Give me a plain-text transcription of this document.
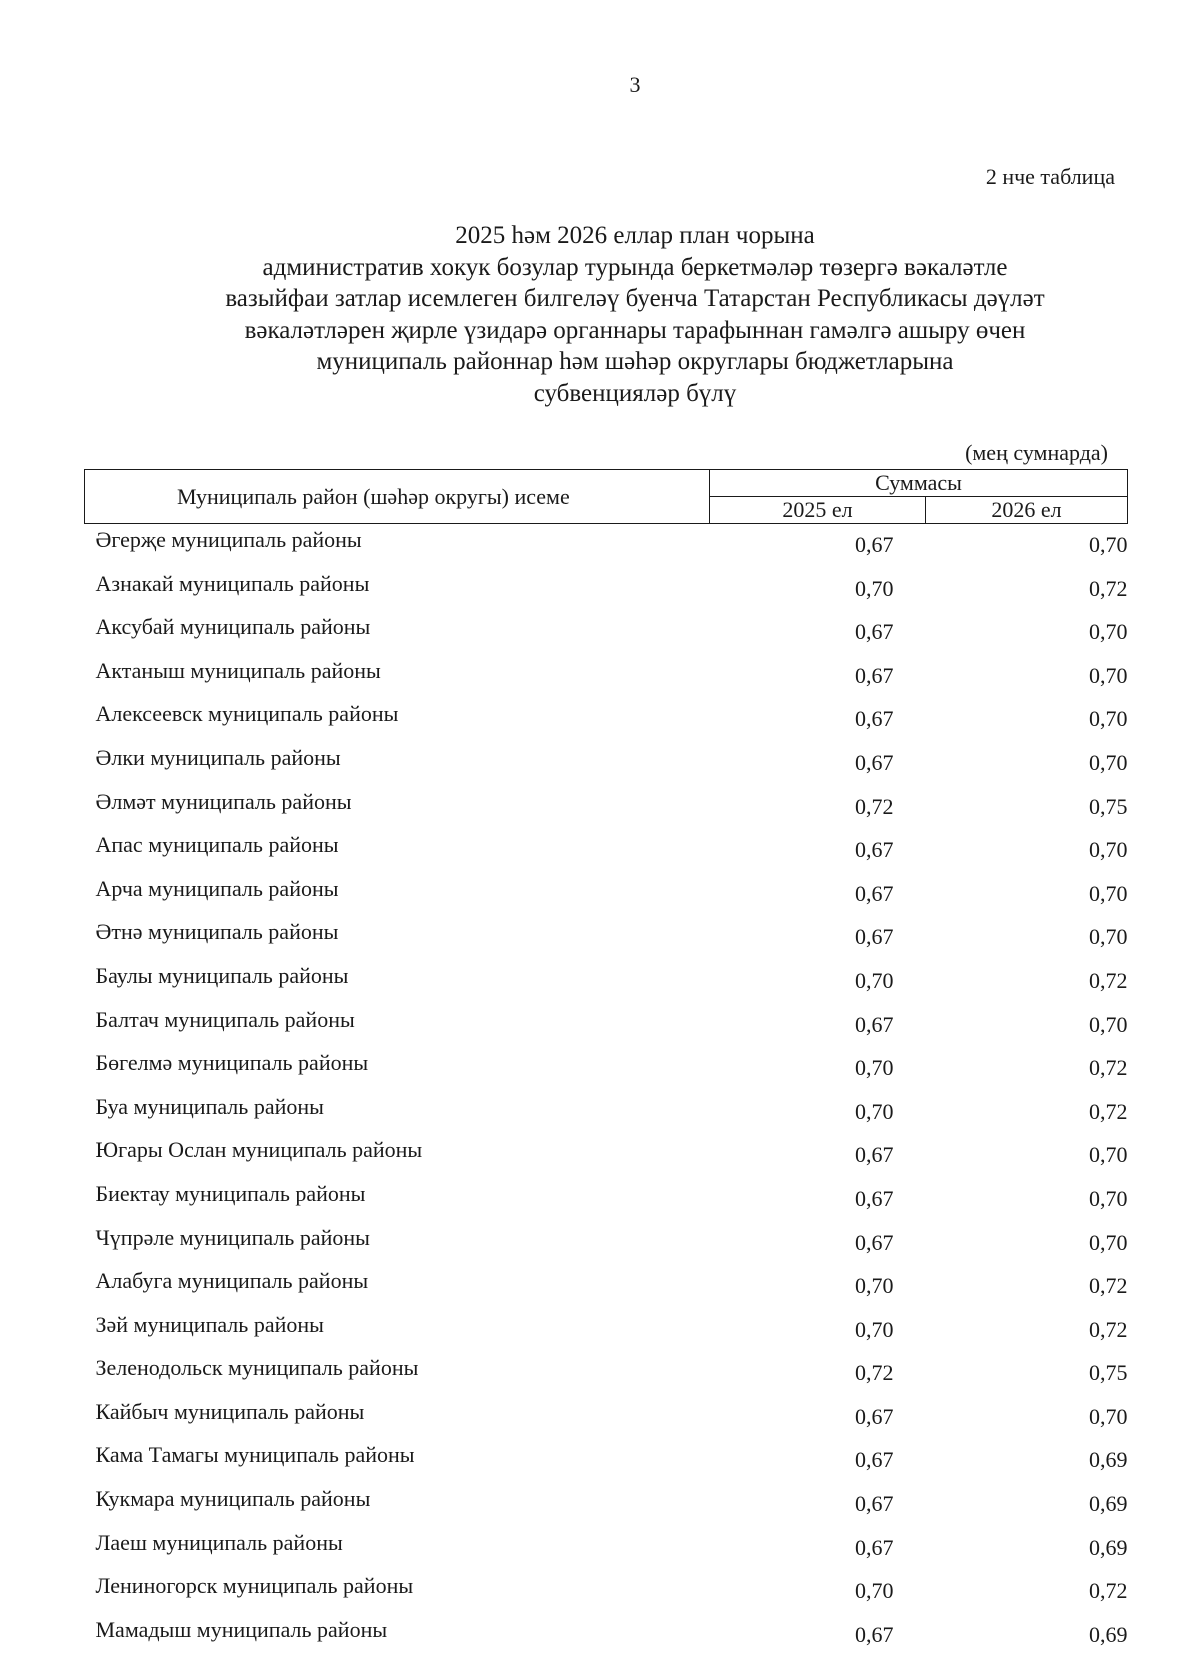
3
2 нче таблица
2025 һәм 2026 еллар план чорына
административ хокук бозулар турында беркетмәләр төзергә вәкаләтле
вазыйфаи затлар исемлеген билгеләү буенча Татарстан Республикасы дәүләт
вәкаләтләрен җирле үзидарә органнары тарафыннан гамәлгә ашыру өчен
муниципаль районнар һәм шәһәр округлары бюджетларына
субвенцияләр бүлү
(мең сумнарда)
Муниципаль район (шәһәр округы) исеме	Суммасы	
	2025 ел	2026 ел
Әгерҗе муниципаль районы	0,67	0,70
Азнакай муниципаль районы	0,70	0,72
Аксубай муниципаль районы	0,67	0,70
Актаныш муниципаль районы	0,67	0,70
Алексеевск муниципаль районы	0,67	0,70
Әлки муниципаль районы	0,67	0,70
Әлмәт муниципаль районы	0,72	0,75
Апас муниципаль районы	0,67	0,70
Арча муниципаль районы	0,67	0,70
Әтнә муниципаль районы	0,67	0,70
Баулы муниципаль районы	0,70	0,72
Балтач муниципаль районы	0,67	0,70
Бөгелмә муниципаль районы	0,70	0,72
Буа муниципаль районы	0,70	0,72
Югары Ослан муниципаль районы	0,67	0,70
Биектау муниципаль районы	0,67	0,70
Чүпрәле муниципаль районы	0,67	0,70
Алабуга муниципаль районы	0,70	0,72
Зәй муниципаль районы	0,70	0,72
Зеленодольск муниципаль районы	0,72	0,75
Кайбыч муниципаль районы	0,67	0,70
Кама Тамагы муниципаль районы	0,67	0,69
Кукмара муниципаль районы	0,67	0,69
Лаеш муниципаль районы	0,67	0,69
Лениногорск муниципаль районы	0,70	0,72
Мамадыш муниципаль районы	0,67	0,69
